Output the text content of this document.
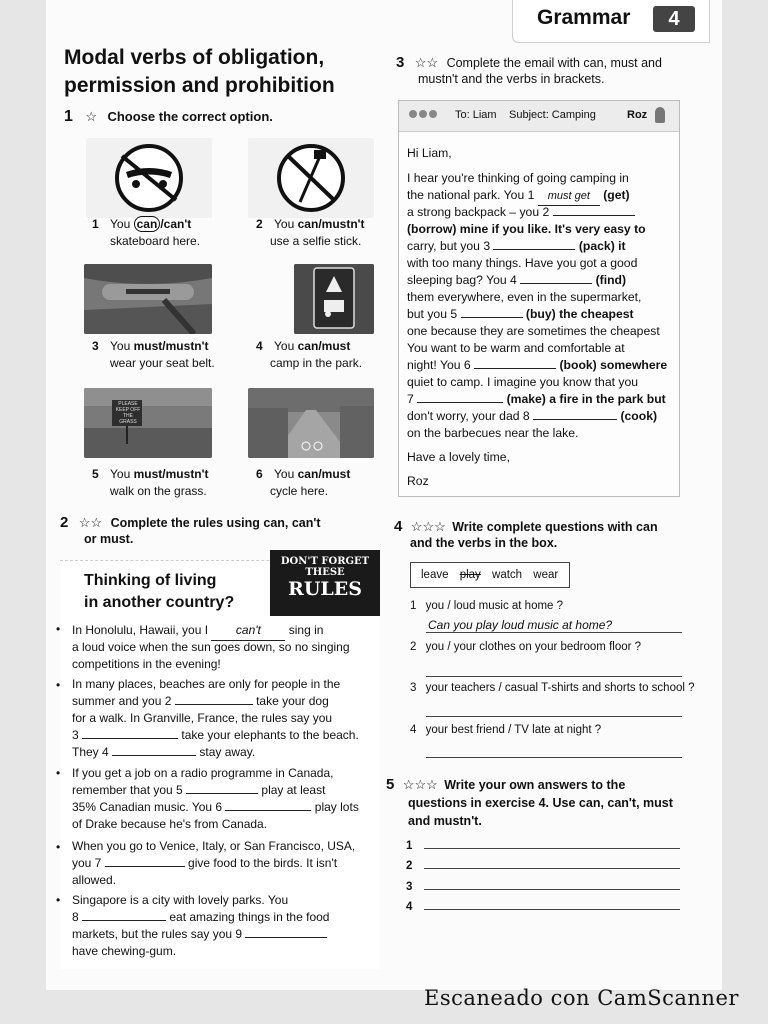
Grammar	4
Modal verbs of obligation,
permission and prohibition
1 ☆ Choose the correct option.
1 You can /can't
skateboard here.
2 You can/mustn't
use a selfie stick.
3 You must/mustn't
wear your seat belt.
4 You can/must
camp in the park.
PLEASE KEEP OFF THE GRASS
5 You must/mustn't
walk on the grass.
6 You can/must
cycle here.
3 ☆☆ Complete the email with can, must and
mustn't and the verbs in brackets.
To: Liam Subject: Camping	Roz
Hi Liam,
I hear you're thinking of going camping in
the national park. You 1 must get (get)
a strong backpack – you 2
(borrow) mine if you like. It's very easy to
carry, but you 3	(pack) it
with too many things. Have you got a good
sleeping bag? You 4	(find)
them everywhere, even in the supermarket,
but you 5	(buy) the cheapest
one because they are sometimes the cheapest
You want to be warm and comfortable at
night! You 6	(book) somewhere
quiet to camp. I imagine you know that you
7	(make) a fire in the park but
don't worry, your dad 8	(cook)
on the barbecues near the lake.
Have a lovely time,
Roz
2 ☆☆ Complete the rules using can, can't
or must.
Thinking of living
in another country?
DON'T FORGET
THESE
RULES
• In Honolulu, Hawaii, you I can't sing in
a loud voice when the sun goes down, so no singing
competitions in the evening!
• In many places, beaches are only for people in the
summer and you 2	take your dog
for a walk. In Granville, France, the rules say you
3	take your elephants to the beach.
They 4	stay away.
• If you get a job on a radio programme in Canada,
remember that you 5	play at least
35% Canadian music. You 6	play lots
of Drake because he's from Canada.
• When you go to Venice, Italy, or San Francisco, USA,
you 7	give food to the birds. It isn't
allowed.
• Singapore is a city with lovely parks. You
8	eat amazing things in the food
markets, but the rules say you 9
have chewing-gum.
4 ☆☆☆ Write complete questions with can
and the verbs in the box.
leave play watch wear
1 you / loud music at home ?
Can you play loud music at home?
2 you / your clothes on your bedroom floor ?
3 your teachers / casual T-shirts and shorts to school ?
4 your best friend / TV late at night ?
5 ☆☆☆ Write your own answers to the
questions in exercise 4. Use can, can't, must
and mustn't.
1
2
3
4
Escaneado con CamScanner
